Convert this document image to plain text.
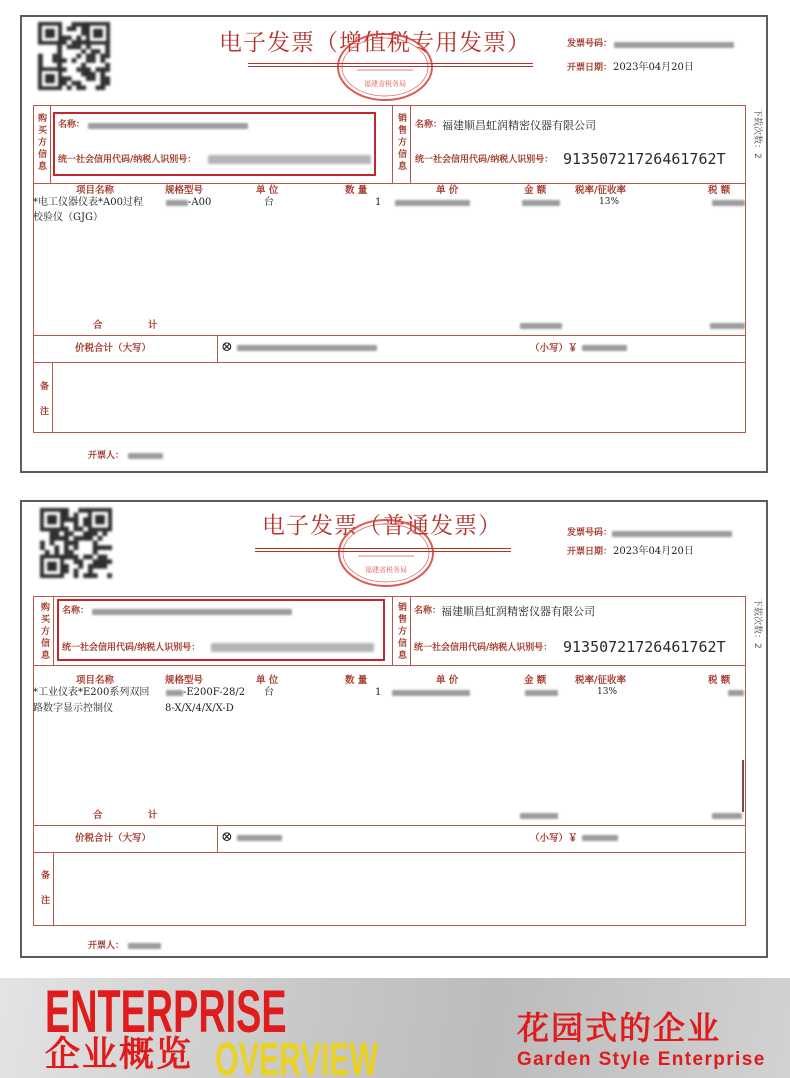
电子发票（增值税专用发票）
福建省税务局
发票号码：
开票日期： 2023年04月20日
购买方信息	销售方信息
名称：
统一社会信用代码/纳税人识别号：
名称： 福建顺昌虹润精密仪器有限公司
统一社会信用代码/纳税人识别号： 91350721726461762T
项目名称	规格型号	单 位	数 量	单 价	金 额	税率/征收率	税 额
*电工仪器仪表*A00过程
校验仪（GJG）
-A00	台	1	13%
合	计
价税合计（大写）	⊗	（小写）￥
备注
开票人：
下载次数：2
电子发票（普通发票）
福建省税务局
发票号码：
开票日期： 2023年04月20日
购买方信息	销售方信息
名称：
统一社会信用代码/纳税人识别号：
名称： 福建顺昌虹润精密仪器有限公司
统一社会信用代码/纳税人识别号： 91350721726461762T
项目名称	规格型号	单 位	数 量	单 价	金 额	税率/征收率	税 额
*工业仪表*E200系列双回
路数字显示控制仪
-E200F-28/2
8-X/X/4/X/X-D
台	1	13%
合	计
价税合计（大写）	⊗	（小写）￥
备注
开票人：
下载次数：2
ENTERPRISE
企业概览 OVERVIEW
花园式的企业
Garden Style Enterprise
